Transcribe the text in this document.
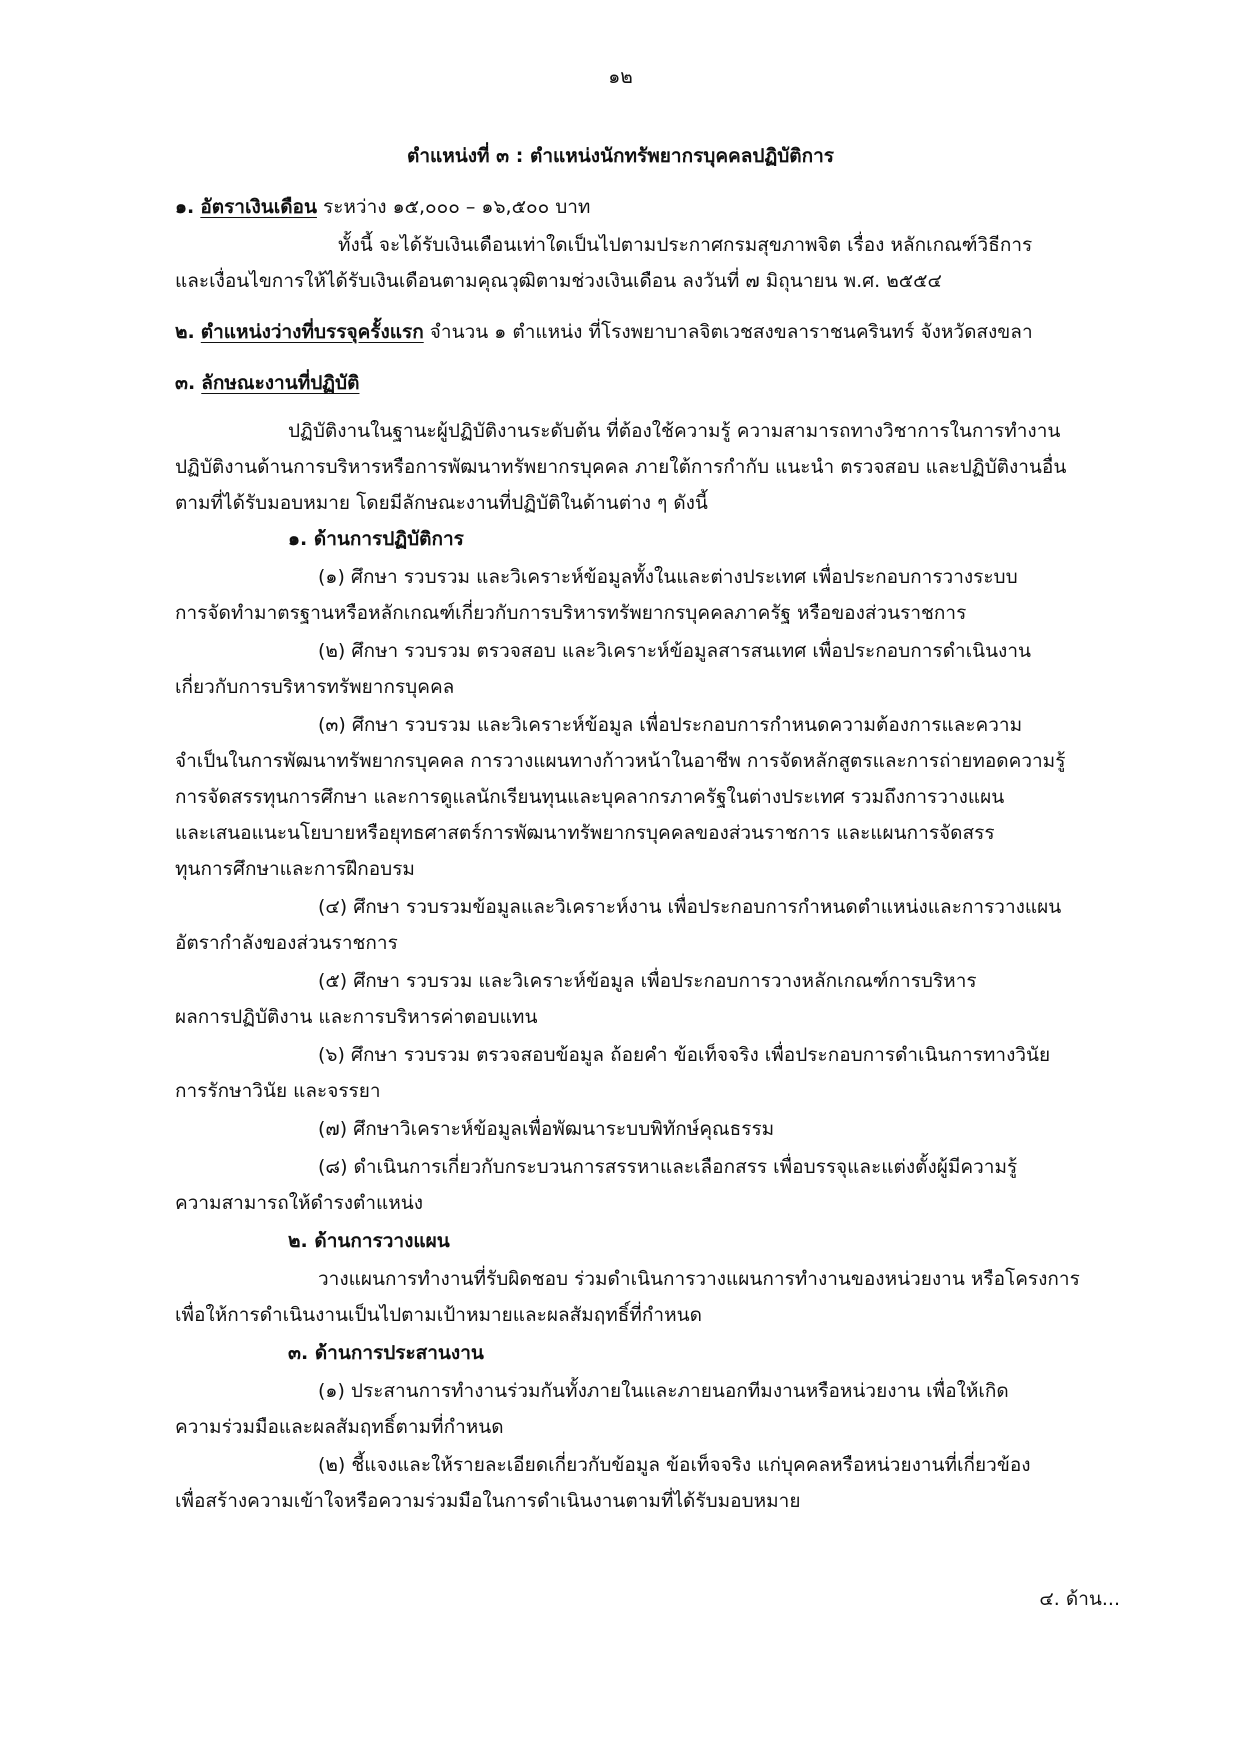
๑๒
ตำแหน่งที่ ๓ : ตำแหน่งนักทรัพยากรบุคคลปฏิบัติการ
๑. อัตราเงินเดือน ระหว่าง ๑๕,๐๐๐ – ๑๖,๕๐๐ บาท
ทั้งนี้ จะได้รับเงินเดือนเท่าใดเป็นไปตามประกาศกรมสุขภาพจิต เรื่อง หลักเกณฑ์วิธีการ
และเงื่อนไขการให้ได้รับเงินเดือนตามคุณวุฒิตามช่วงเงินเดือน ลงวันที่ ๗ มิถุนายน พ.ศ. ๒๕๕๔
๒. ตำแหน่งว่างที่บรรจุครั้งแรก จำนวน ๑ ตำแหน่ง ที่โรงพยาบาลจิตเวชสงขลาราชนครินทร์ จังหวัดสงขลา
๓. ลักษณะงานที่ปฏิบัติ
ปฏิบัติงานในฐานะผู้ปฏิบัติงานระดับต้น ที่ต้องใช้ความรู้ ความสามารถทางวิชาการในการทำงาน
ปฏิบัติงานด้านการบริหารหรือการพัฒนาทรัพยากรบุคคล ภายใต้การกำกับ แนะนำ ตรวจสอบ และปฏิบัติงานอื่น
ตามที่ได้รับมอบหมาย โดยมีลักษณะงานที่ปฏิบัติในด้านต่าง ๆ ดังนี้
๑. ด้านการปฏิบัติการ
(๑) ศึกษา รวบรวม และวิเคราะห์ข้อมูลทั้งในและต่างประเทศ เพื่อประกอบการวางระบบ
การจัดทำมาตรฐานหรือหลักเกณฑ์เกี่ยวกับการบริหารทรัพยากรบุคคลภาครัฐ หรือของส่วนราชการ
(๒) ศึกษา รวบรวม ตรวจสอบ และวิเคราะห์ข้อมูลสารสนเทศ เพื่อประกอบการดำเนินงาน
เกี่ยวกับการบริหารทรัพยากรบุคคล
(๓) ศึกษา รวบรวม และวิเคราะห์ข้อมูล เพื่อประกอบการกำหนดความต้องการและความ
จำเป็นในการพัฒนาทรัพยากรบุคคล การวางแผนทางก้าวหน้าในอาชีพ การจัดหลักสูตรและการถ่ายทอดความรู้
การจัดสรรทุนการศึกษา และการดูแลนักเรียนทุนและบุคลากรภาครัฐในต่างประเทศ รวมถึงการวางแผน
และเสนอแนะนโยบายหรือยุทธศาสตร์การพัฒนาทรัพยากรบุคคลของส่วนราชการ และแผนการจัดสรร
ทุนการศึกษาและการฝึกอบรม
(๔) ศึกษา รวบรวมข้อมูลและวิเคราะห์งาน เพื่อประกอบการกำหนดตำแหน่งและการวางแผน
อัตรากำลังของส่วนราชการ
(๕) ศึกษา รวบรวม และวิเคราะห์ข้อมูล เพื่อประกอบการวางหลักเกณฑ์การบริหาร
ผลการปฏิบัติงาน และการบริหารค่าตอบแทน
(๖) ศึกษา รวบรวม ตรวจสอบข้อมูล ถ้อยคำ ข้อเท็จจริง เพื่อประกอบการดำเนินการทางวินัย
การรักษาวินัย และจรรยา
(๗) ศึกษาวิเคราะห์ข้อมูลเพื่อพัฒนาระบบพิทักษ์คุณธรรม
(๘) ดำเนินการเกี่ยวกับกระบวนการสรรหาและเลือกสรร เพื่อบรรจุและแต่งตั้งผู้มีความรู้
ความสามารถให้ดำรงตำแหน่ง
๒. ด้านการวางแผน
วางแผนการทำงานที่รับผิดชอบ ร่วมดำเนินการวางแผนการทำงานของหน่วยงาน หรือโครงการ
เพื่อให้การดำเนินงานเป็นไปตามเป้าหมายและผลสัมฤทธิ์ที่กำหนด
๓. ด้านการประสานงาน
(๑) ประสานการทำงานร่วมกันทั้งภายในและภายนอกทีมงานหรือหน่วยงาน เพื่อให้เกิด
ความร่วมมือและผลสัมฤทธิ์ตามที่กำหนด
(๒) ชี้แจงและให้รายละเอียดเกี่ยวกับข้อมูล ข้อเท็จจริง แก่บุคคลหรือหน่วยงานที่เกี่ยวข้อง
เพื่อสร้างความเข้าใจหรือความร่วมมือในการดำเนินงานตามที่ได้รับมอบหมาย
๔. ด้าน...
